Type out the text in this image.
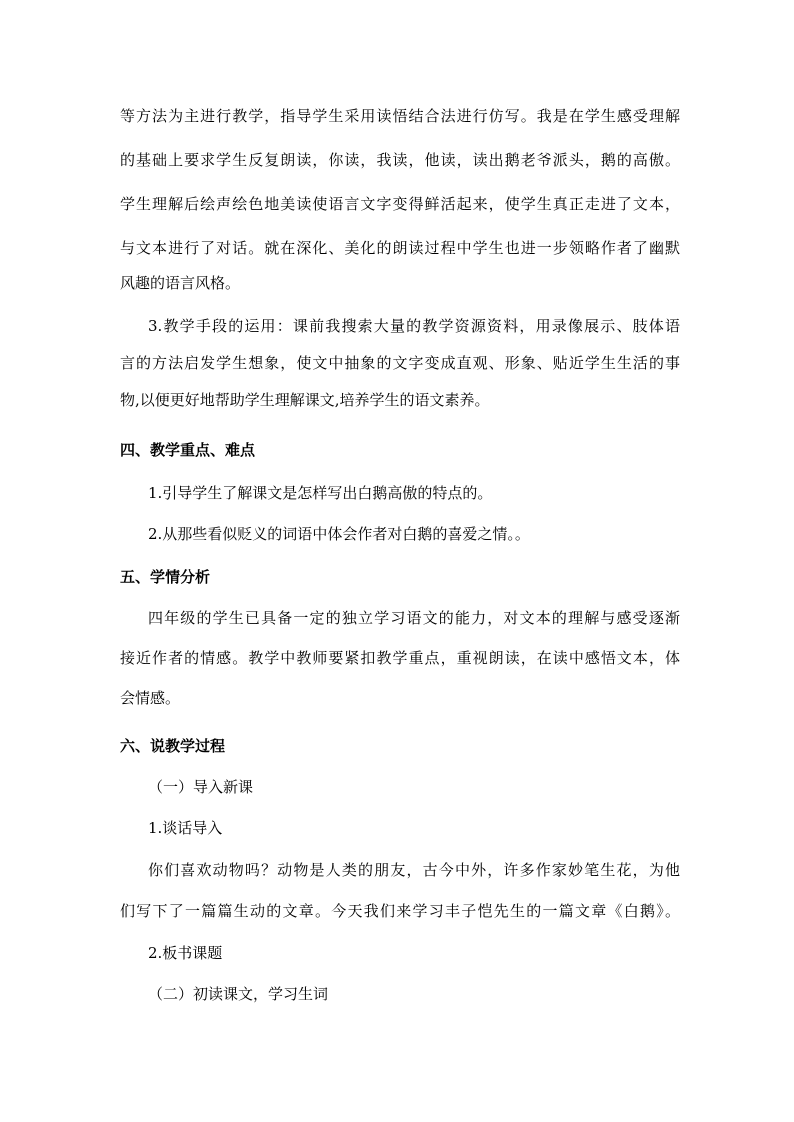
等方法为主进行教学，指导学生采用读悟结合法进行仿写。我是在学生感受理解
的基础上要求学生反复朗读，你读，我读，他读，读出鹅老爷派头，鹅的高傲。
学生理解后绘声绘色地美读使语言文字变得鲜活起来，使学生真正走进了文本，
与文本进行了对话。就在深化、美化的朗读过程中学生也进一步领略作者了幽默
风趣的语言风格。
3.教学手段的运用：课前我搜索大量的教学资源资料，用录像展示、肢体语
言的方法启发学生想象，使文中抽象的文字变成直观、形象、贴近学生生活的事
物,以便更好地帮助学生理解课文,培养学生的语文素养。
四、教学重点、难点
1.引导学生了解课文是怎样写出白鹅高傲的特点的。
2.从那些看似贬义的词语中体会作者对白鹅的喜爱之情。。
五、学情分析
四年级的学生已具备一定的独立学习语文的能力，对文本的理解与感受逐渐
接近作者的情感。教学中教师要紧扣教学重点，重视朗读，在读中感悟文本，体
会情感。
六、说教学过程
（一）导入新课
1.谈话导入
你们喜欢动物吗？动物是人类的朋友，古今中外，许多作家妙笔生花，为他
们写下了一篇篇生动的文章。今天我们来学习丰子恺先生的一篇文章《白鹅》。
2.板书课题
（二）初读课文，学习生词
